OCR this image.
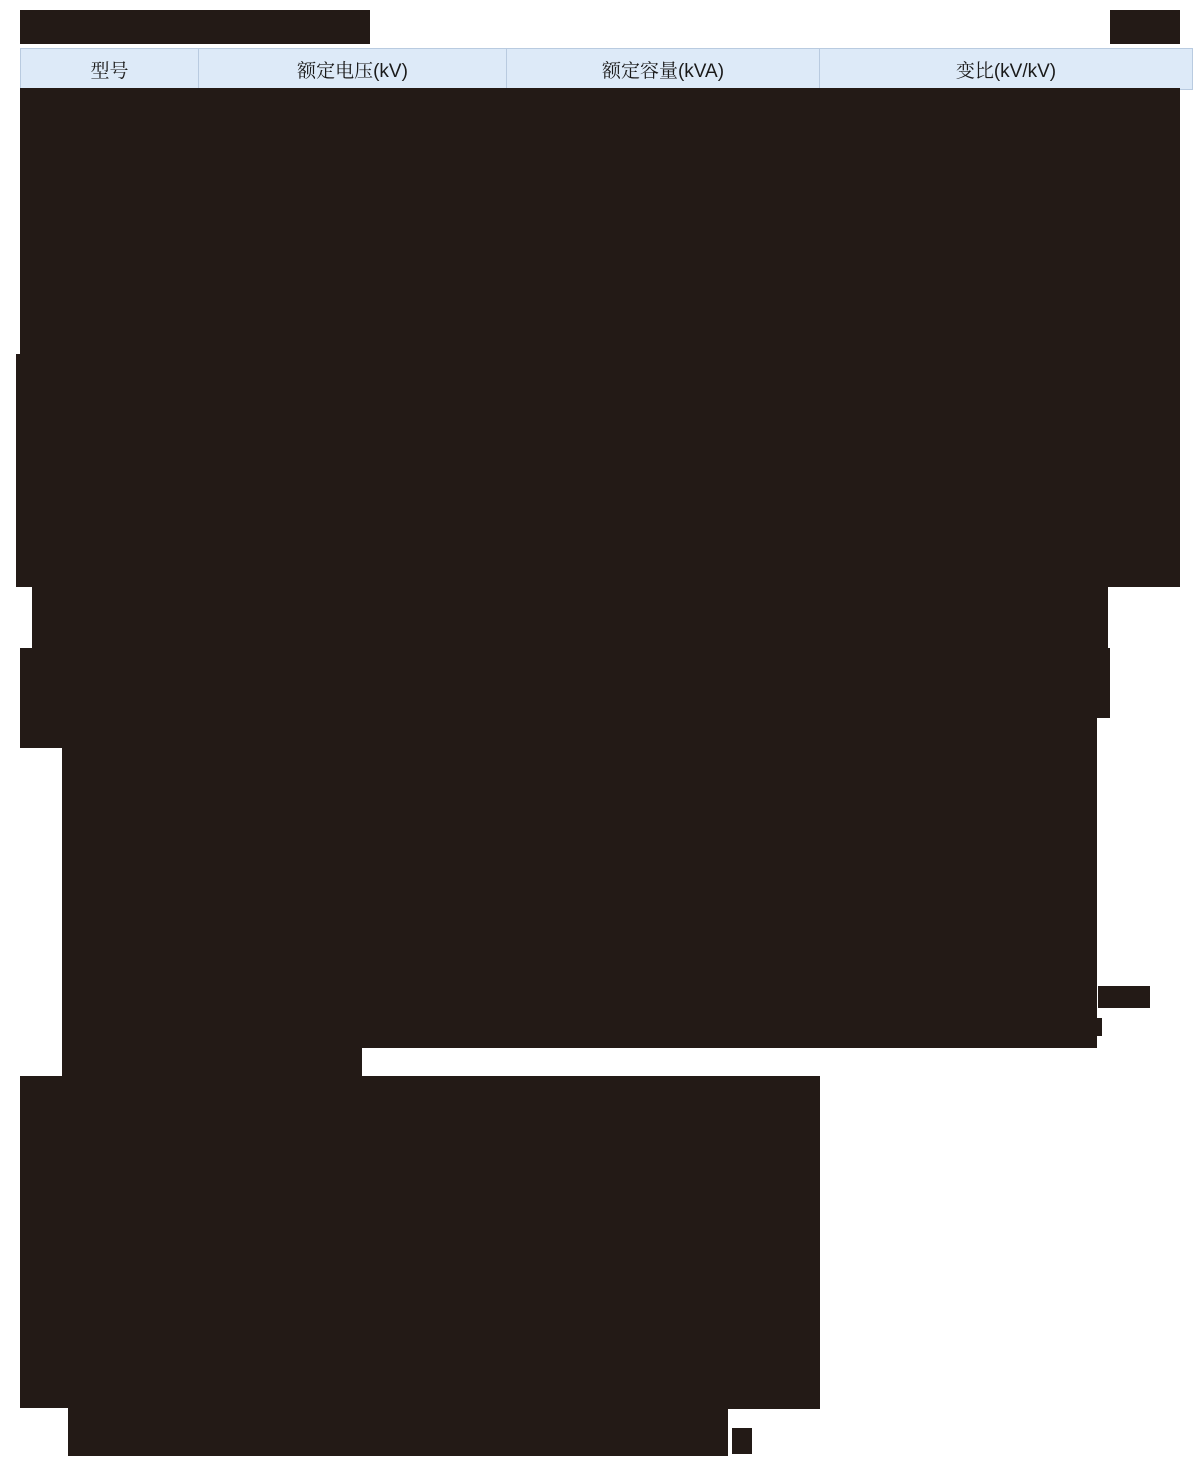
型号	额定电压(kV)	额定容量(kVA)	变比(kV/kV)
